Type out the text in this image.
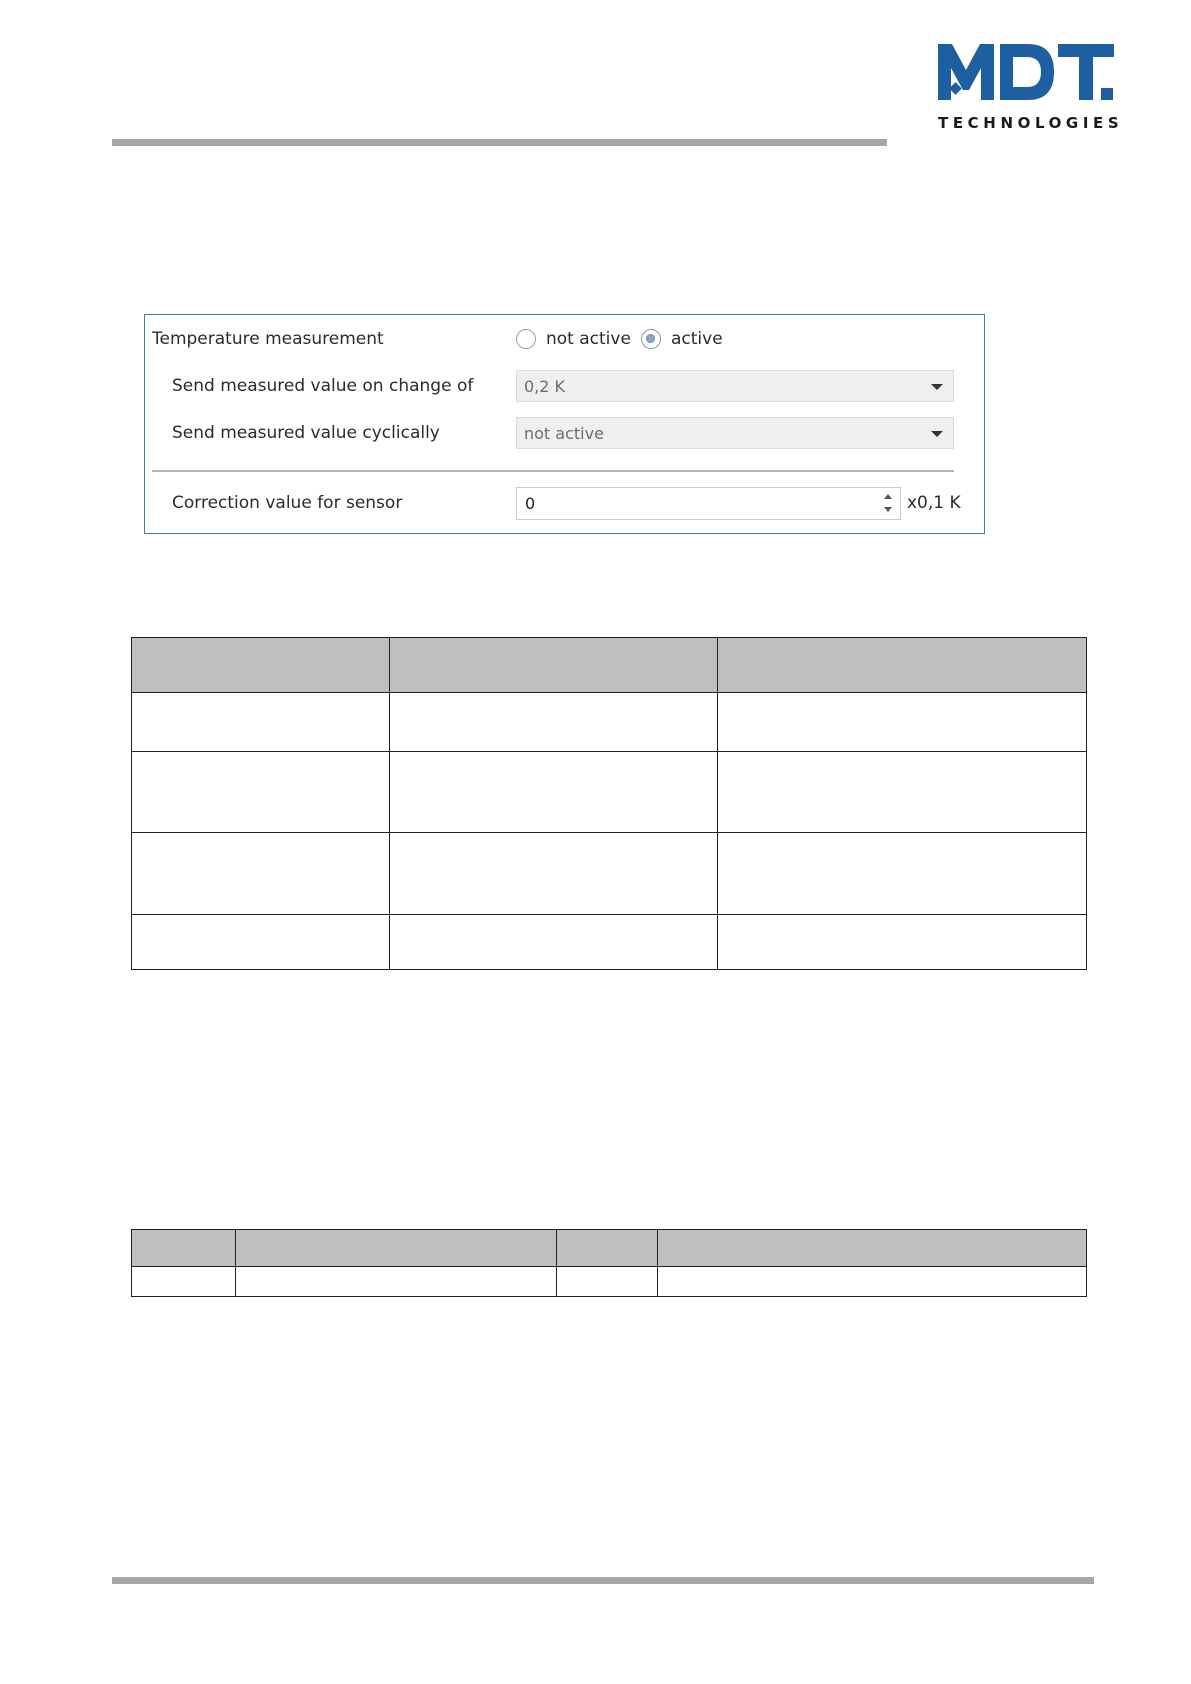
TECHNOLOGIES
Temperature measurement	not active active
Send measured value on change of	0,2 K
Send measured value cyclically	not active
Correction value for sensor	0	x0,1 K
